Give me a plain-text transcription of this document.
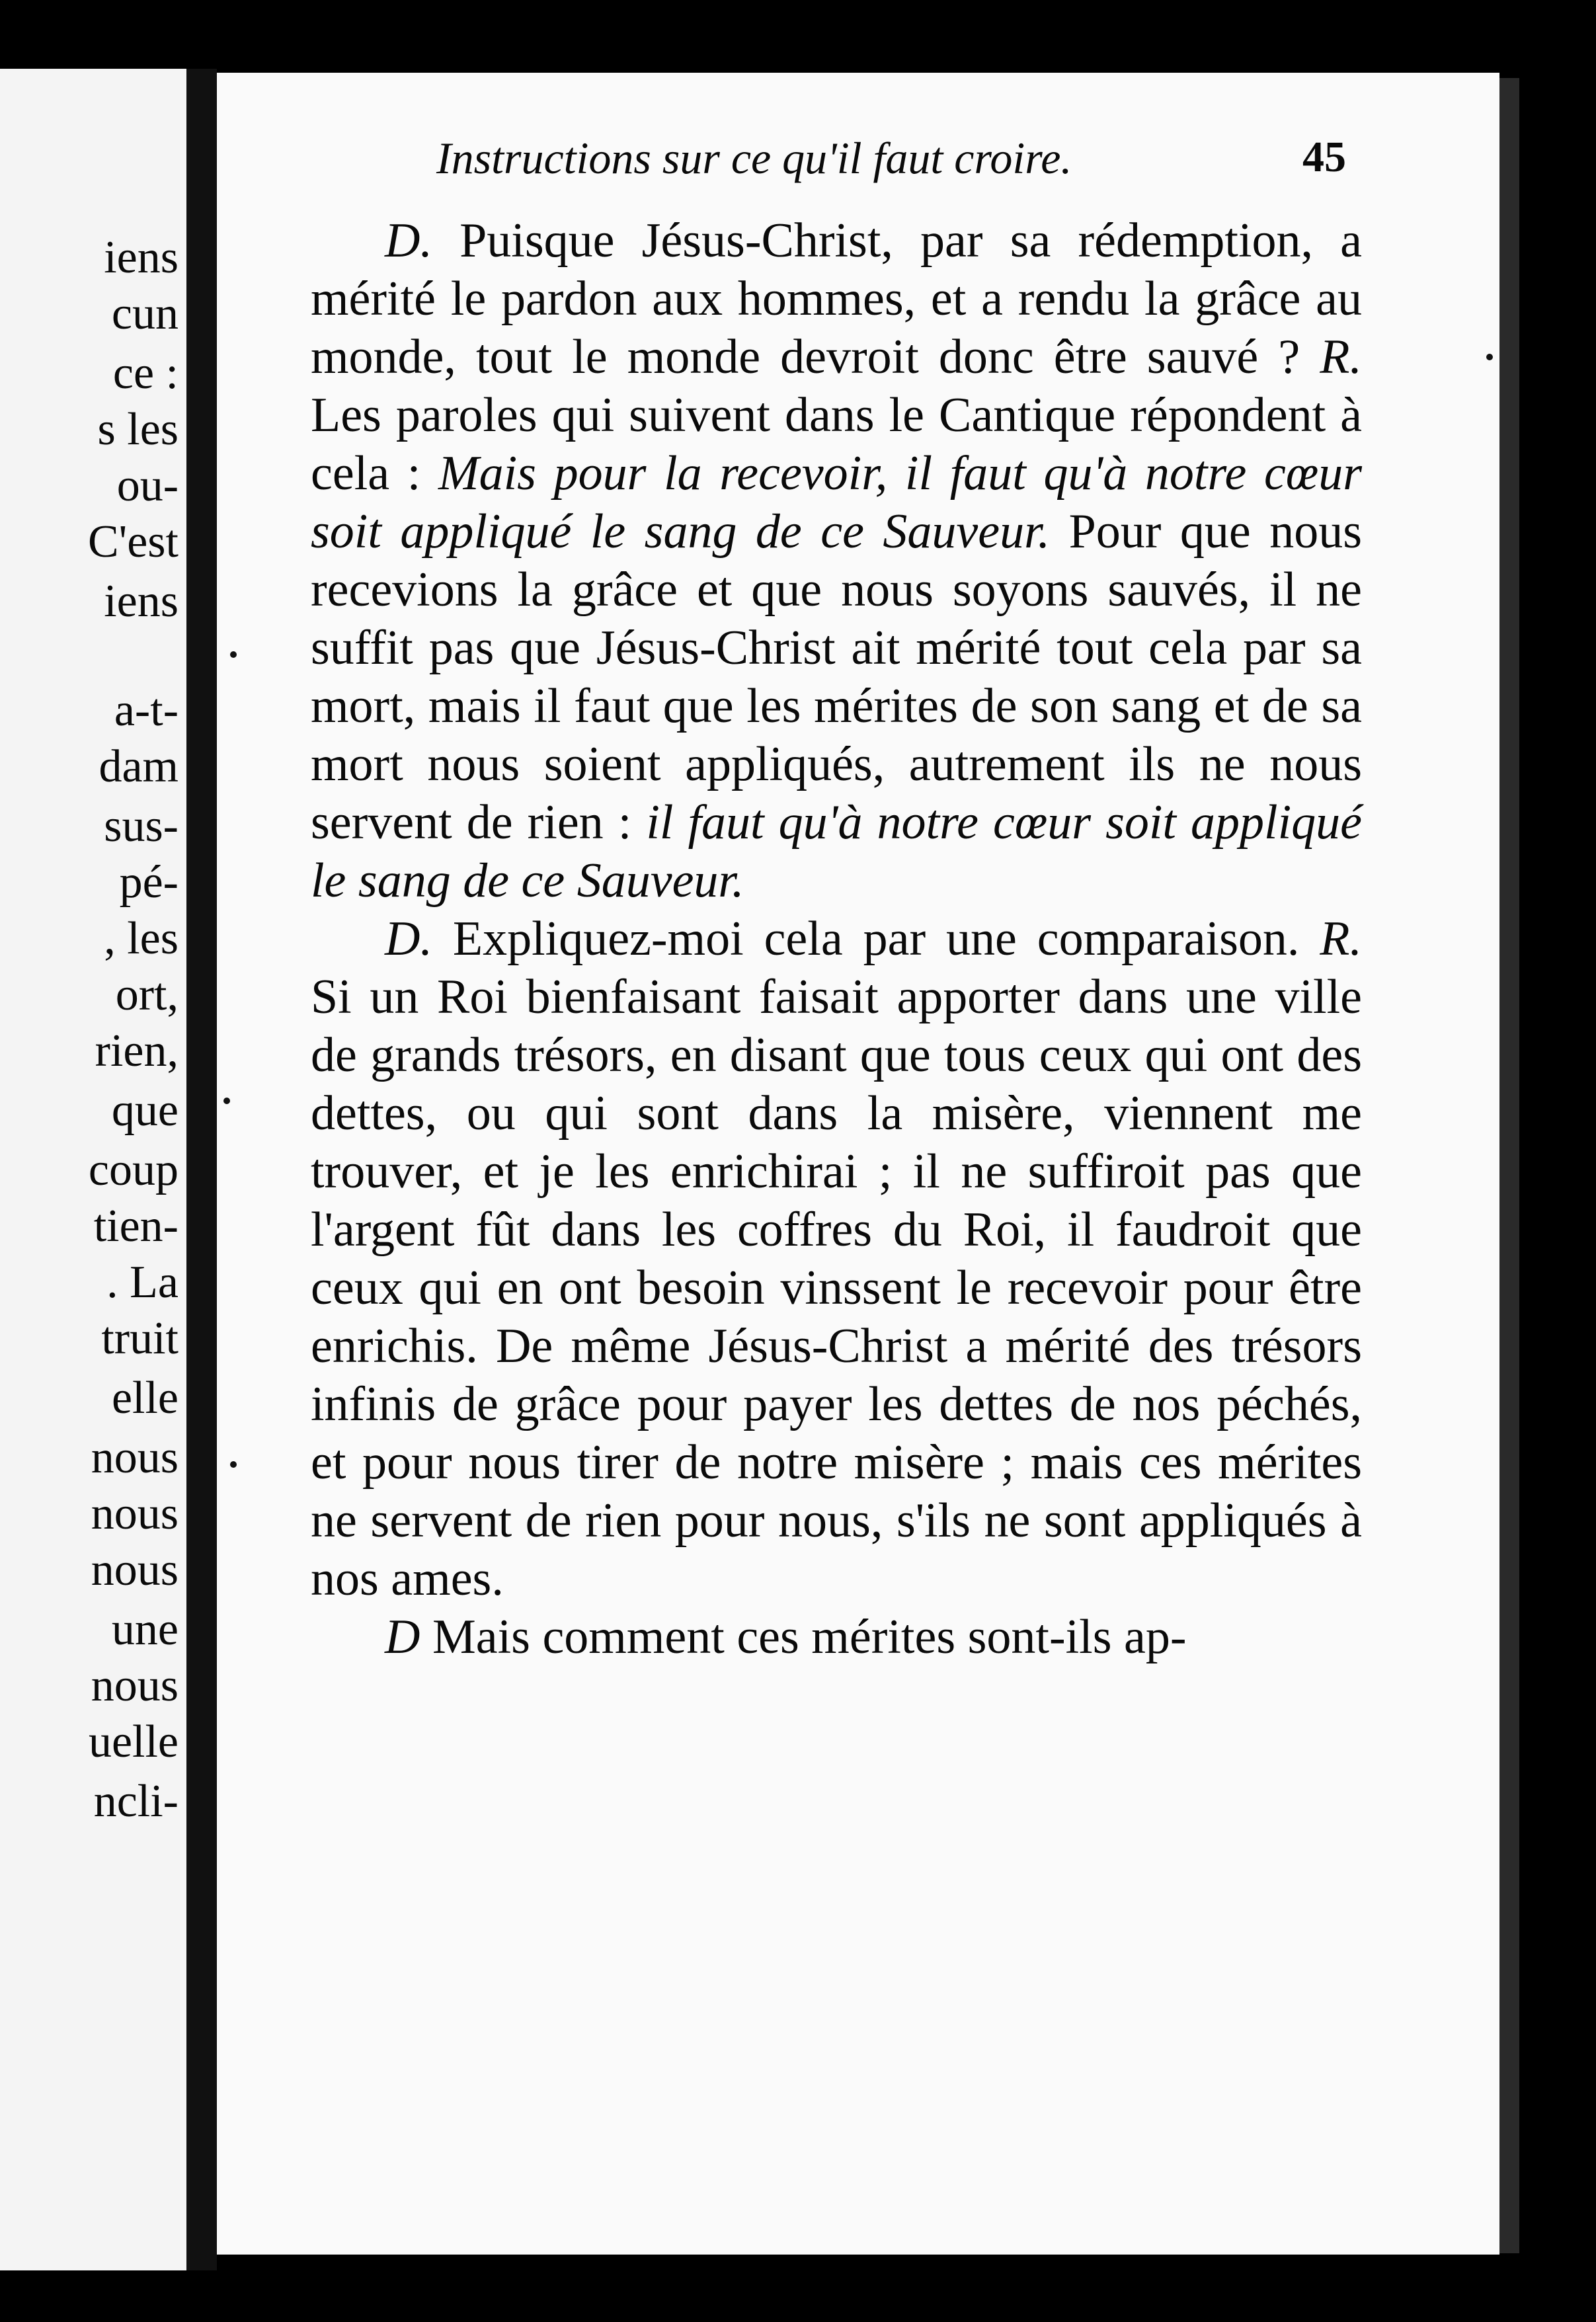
iens
cun
ce :
s les
ou-
C'est
iens
a-t-
dam
sus-
pé-
, les
ort,
rien,
que
coup
tien-
. La
truit
elle
nous
nous
nous
une
nous
uelle
ncli-
Instructions sur ce qu'il faut croire.	45

D. Puisque Jésus-Christ, par sa rédemption, a mérité le pardon aux hommes, et a rendu la grâce au monde, tout le monde devroit donc être sauvé ? R. Les paroles qui suivent dans le Cantique répondent à cela : Mais pour la recevoir, il faut qu'à notre cœur soit appliqué le sang de ce Sauveur. Pour que nous recevions la grâce et que nous soyons sauvés, il ne suffit pas que Jésus-Christ ait mérité tout cela par sa mort, mais il faut que les mérites de son sang et de sa mort nous soient appliqués, autrement ils ne nous servent de rien : il faut qu'à notre cœur soit appliqué le sang de ce Sauveur.

D. Expliquez-moi cela par une comparaison. R. Si un Roi bienfaisant faisait apporter dans une ville de grands trésors, en disant que tous ceux qui ont des dettes, ou qui sont dans la misère, viennent me trouver, et je les enrichirai ; il ne suffiroit pas que l'argent fût dans les coffres du Roi, il faudroit que ceux qui en ont besoin vinssent le recevoir pour être enrichis. De même Jésus-Christ a mérité des trésors infinis de grâce pour payer les dettes de nos péchés, et pour nous tirer de notre misère ; mais ces mérites ne servent de rien pour nous, s'ils ne sont appliqués à nos ames.

D Mais comment ces mérites sont-ils ap-
